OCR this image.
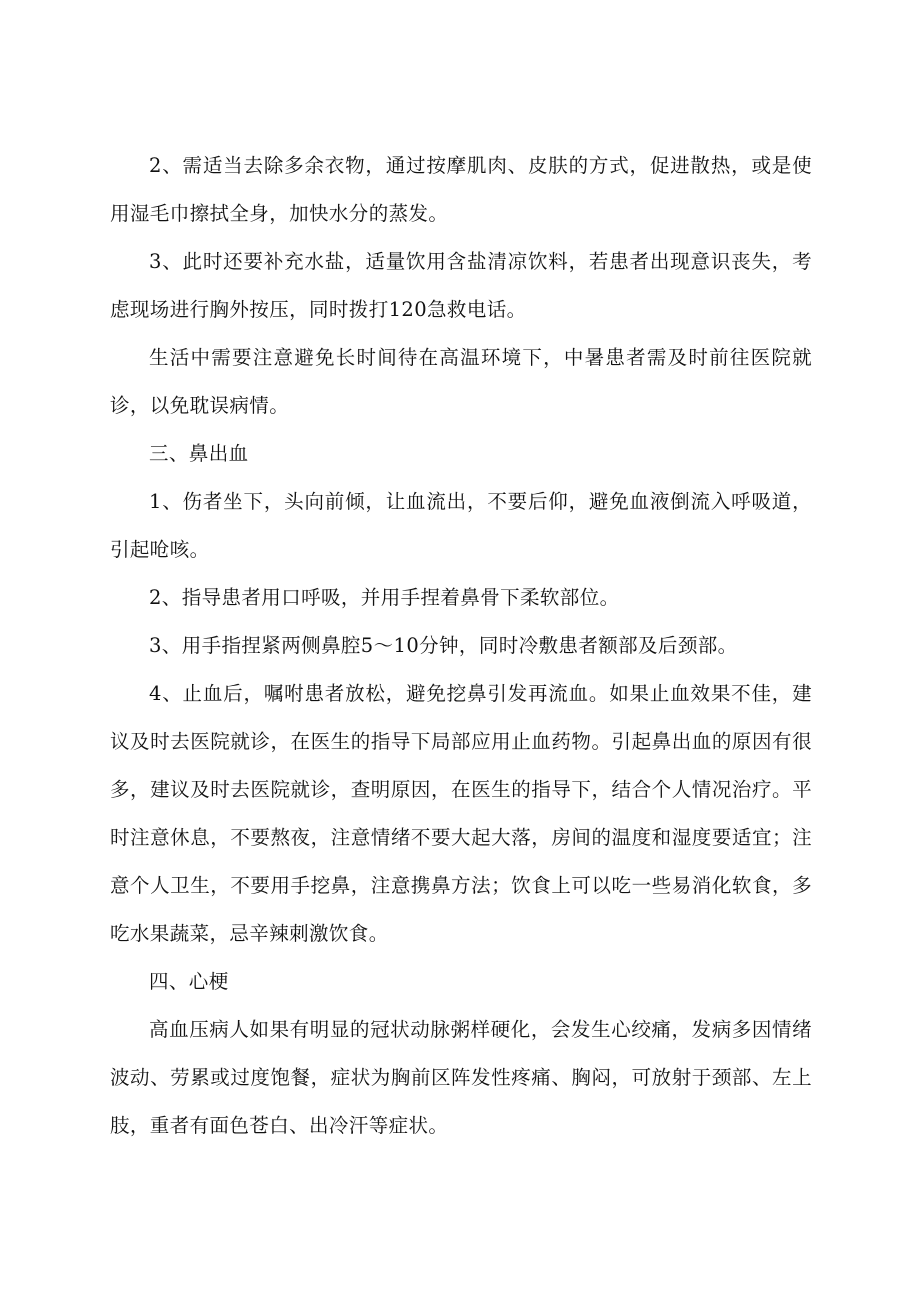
2、需适当去除多余衣物，通过按摩肌肉、皮肤的方式，促进散热，或是使用湿毛巾擦拭全身，加快水分的蒸发。

3、此时还要补充水盐，适量饮用含盐清凉饮料，若患者出现意识丧失，考虑现场进行胸外按压，同时拨打120急救电话。

生活中需要注意避免长时间待在高温环境下，中暑患者需及时前往医院就诊，以免耽误病情。

三、鼻出血

1、伤者坐下，头向前倾，让血流出，不要后仰，避免血液倒流入呼吸道，引起呛咳。

2、指导患者用口呼吸，并用手捏着鼻骨下柔软部位。

3、用手指捏紧两侧鼻腔5～10分钟，同时冷敷患者额部及后颈部。

4、止血后，嘱咐患者放松，避免挖鼻引发再流血。如果止血效果不佳，建议及时去医院就诊，在医生的指导下局部应用止血药物。引起鼻出血的原因有很多，建议及时去医院就诊，查明原因，在医生的指导下，结合个人情况治疗。平时注意休息，不要熬夜，注意情绪不要大起大落，房间的温度和湿度要适宜；注意个人卫生，不要用手挖鼻，注意携鼻方法；饮食上可以吃一些易消化软食，多吃水果蔬菜，忌辛辣刺激饮食。

四、心梗

高血压病人如果有明显的冠状动脉粥样硬化，会发生心绞痛，发病多因情绪波动、劳累或过度饱餐，症状为胸前区阵发性疼痛、胸闷，可放射于颈部、左上肢，重者有面色苍白、出冷汗等症状。
